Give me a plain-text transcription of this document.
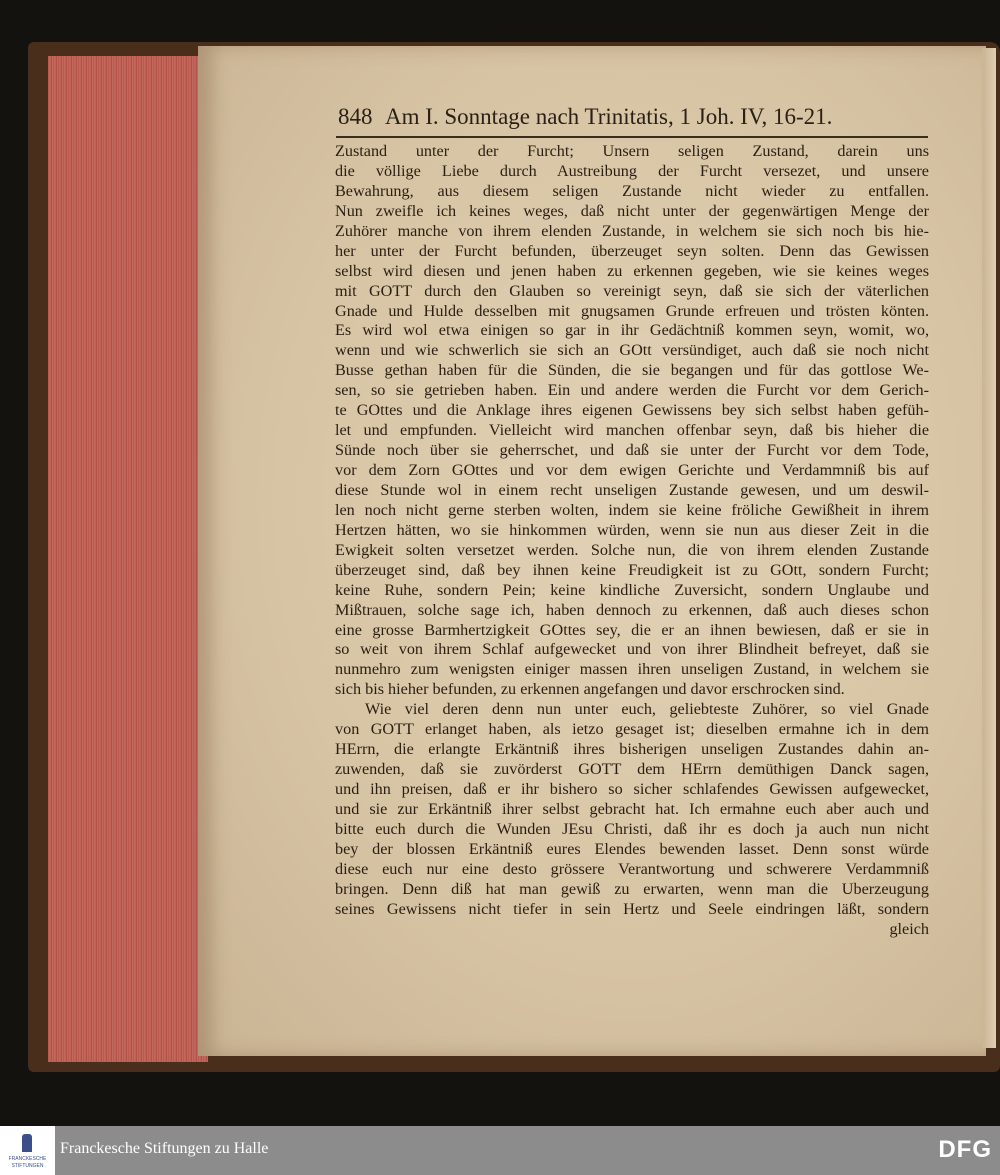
848 Am I. Sonntage nach Trinitatis, 1 Joh. IV, 16-21.
Zustand unter der Furcht; Unsern seligen Zustand, darein uns
die völlige Liebe durch Austreibung der Furcht versezet, und unsere
Bewahrung, aus diesem seligen Zustande nicht wieder zu entfallen.
Nun zweifle ich keines weges, daß nicht unter der gegenwärtigen Menge der
Zuhörer manche von ihrem elenden Zustande, in welchem sie sich noch bis hie-
her unter der Furcht befunden, überzeuget seyn solten. Denn das Gewissen
selbst wird diesen und jenen haben zu erkennen gegeben, wie sie keines weges
mit GOTT durch den Glauben so vereinigt seyn, daß sie sich der väterlichen
Gnade und Hulde desselben mit gnugsamen Grunde erfreuen und trösten könten.
Es wird wol etwa einigen so gar in ihr Gedächtniß kommen seyn, womit, wo,
wenn und wie schwerlich sie sich an GOtt versündiget, auch daß sie noch nicht
Busse gethan haben für die Sünden, die sie begangen und für das gottlose We-
sen, so sie getrieben haben. Ein und andere werden die Furcht vor dem Gerich-
te GOttes und die Anklage ihres eigenen Gewissens bey sich selbst haben gefüh-
let und empfunden. Vielleicht wird manchen offenbar seyn, daß bis hieher die
Sünde noch über sie geherrschet, und daß sie unter der Furcht vor dem Tode,
vor dem Zorn GOttes und vor dem ewigen Gerichte und Verdammniß bis auf
diese Stunde wol in einem recht unseligen Zustande gewesen, und um deswil-
len noch nicht gerne sterben wolten, indem sie keine fröliche Gewißheit in ihrem
Hertzen hätten, wo sie hinkommen würden, wenn sie nun aus dieser Zeit in die
Ewigkeit solten versetzet werden. Solche nun, die von ihrem elenden Zustande
überzeuget sind, daß bey ihnen keine Freudigkeit ist zu GOtt, sondern Furcht;
keine Ruhe, sondern Pein; keine kindliche Zuversicht, sondern Unglaube und
Mißtrauen, solche sage ich, haben dennoch zu erkennen, daß auch dieses schon
eine grosse Barmhertzigkeit GOttes sey, die er an ihnen bewiesen, daß er sie in
so weit von ihrem Schlaf aufgewecket und von ihrer Blindheit befreyet, daß sie
nunmehro zum wenigsten einiger massen ihren unseligen Zustand, in welchem sie
sich bis hieher befunden, zu erkennen angefangen und davor erschrocken sind.
Wie viel deren denn nun unter euch, geliebteste Zuhörer, so viel Gnade
von GOTT erlanget haben, als ietzo gesaget ist; dieselben ermahne ich in dem
HErrn, die erlangte Erkäntniß ihres bisherigen unseligen Zustandes dahin an-
zuwenden, daß sie zuvörderst GOTT dem HErrn demüthigen Danck sagen,
und ihn preisen, daß er ihr bishero so sicher schlafendes Gewissen aufgewecket,
und sie zur Erkäntniß ihrer selbst gebracht hat. Ich ermahne euch aber auch und
bitte euch durch die Wunden JEsu Christi, daß ihr es doch ja auch nun nicht
bey der blossen Erkäntniß eures Elendes bewenden lasset. Denn sonst würde
diese euch nur eine desto grössere Verantwortung und schwerere Verdammniß
bringen. Denn diß hat man gewiß zu erwarten, wenn man die Uberzeugung
seines Gewissens nicht tiefer in sein Hertz und Seele eindringen läßt, sondern
gleich
FRANCKESCHE
STIFTUNGEN
Franckesche Stiftungen zu Halle	DFG
